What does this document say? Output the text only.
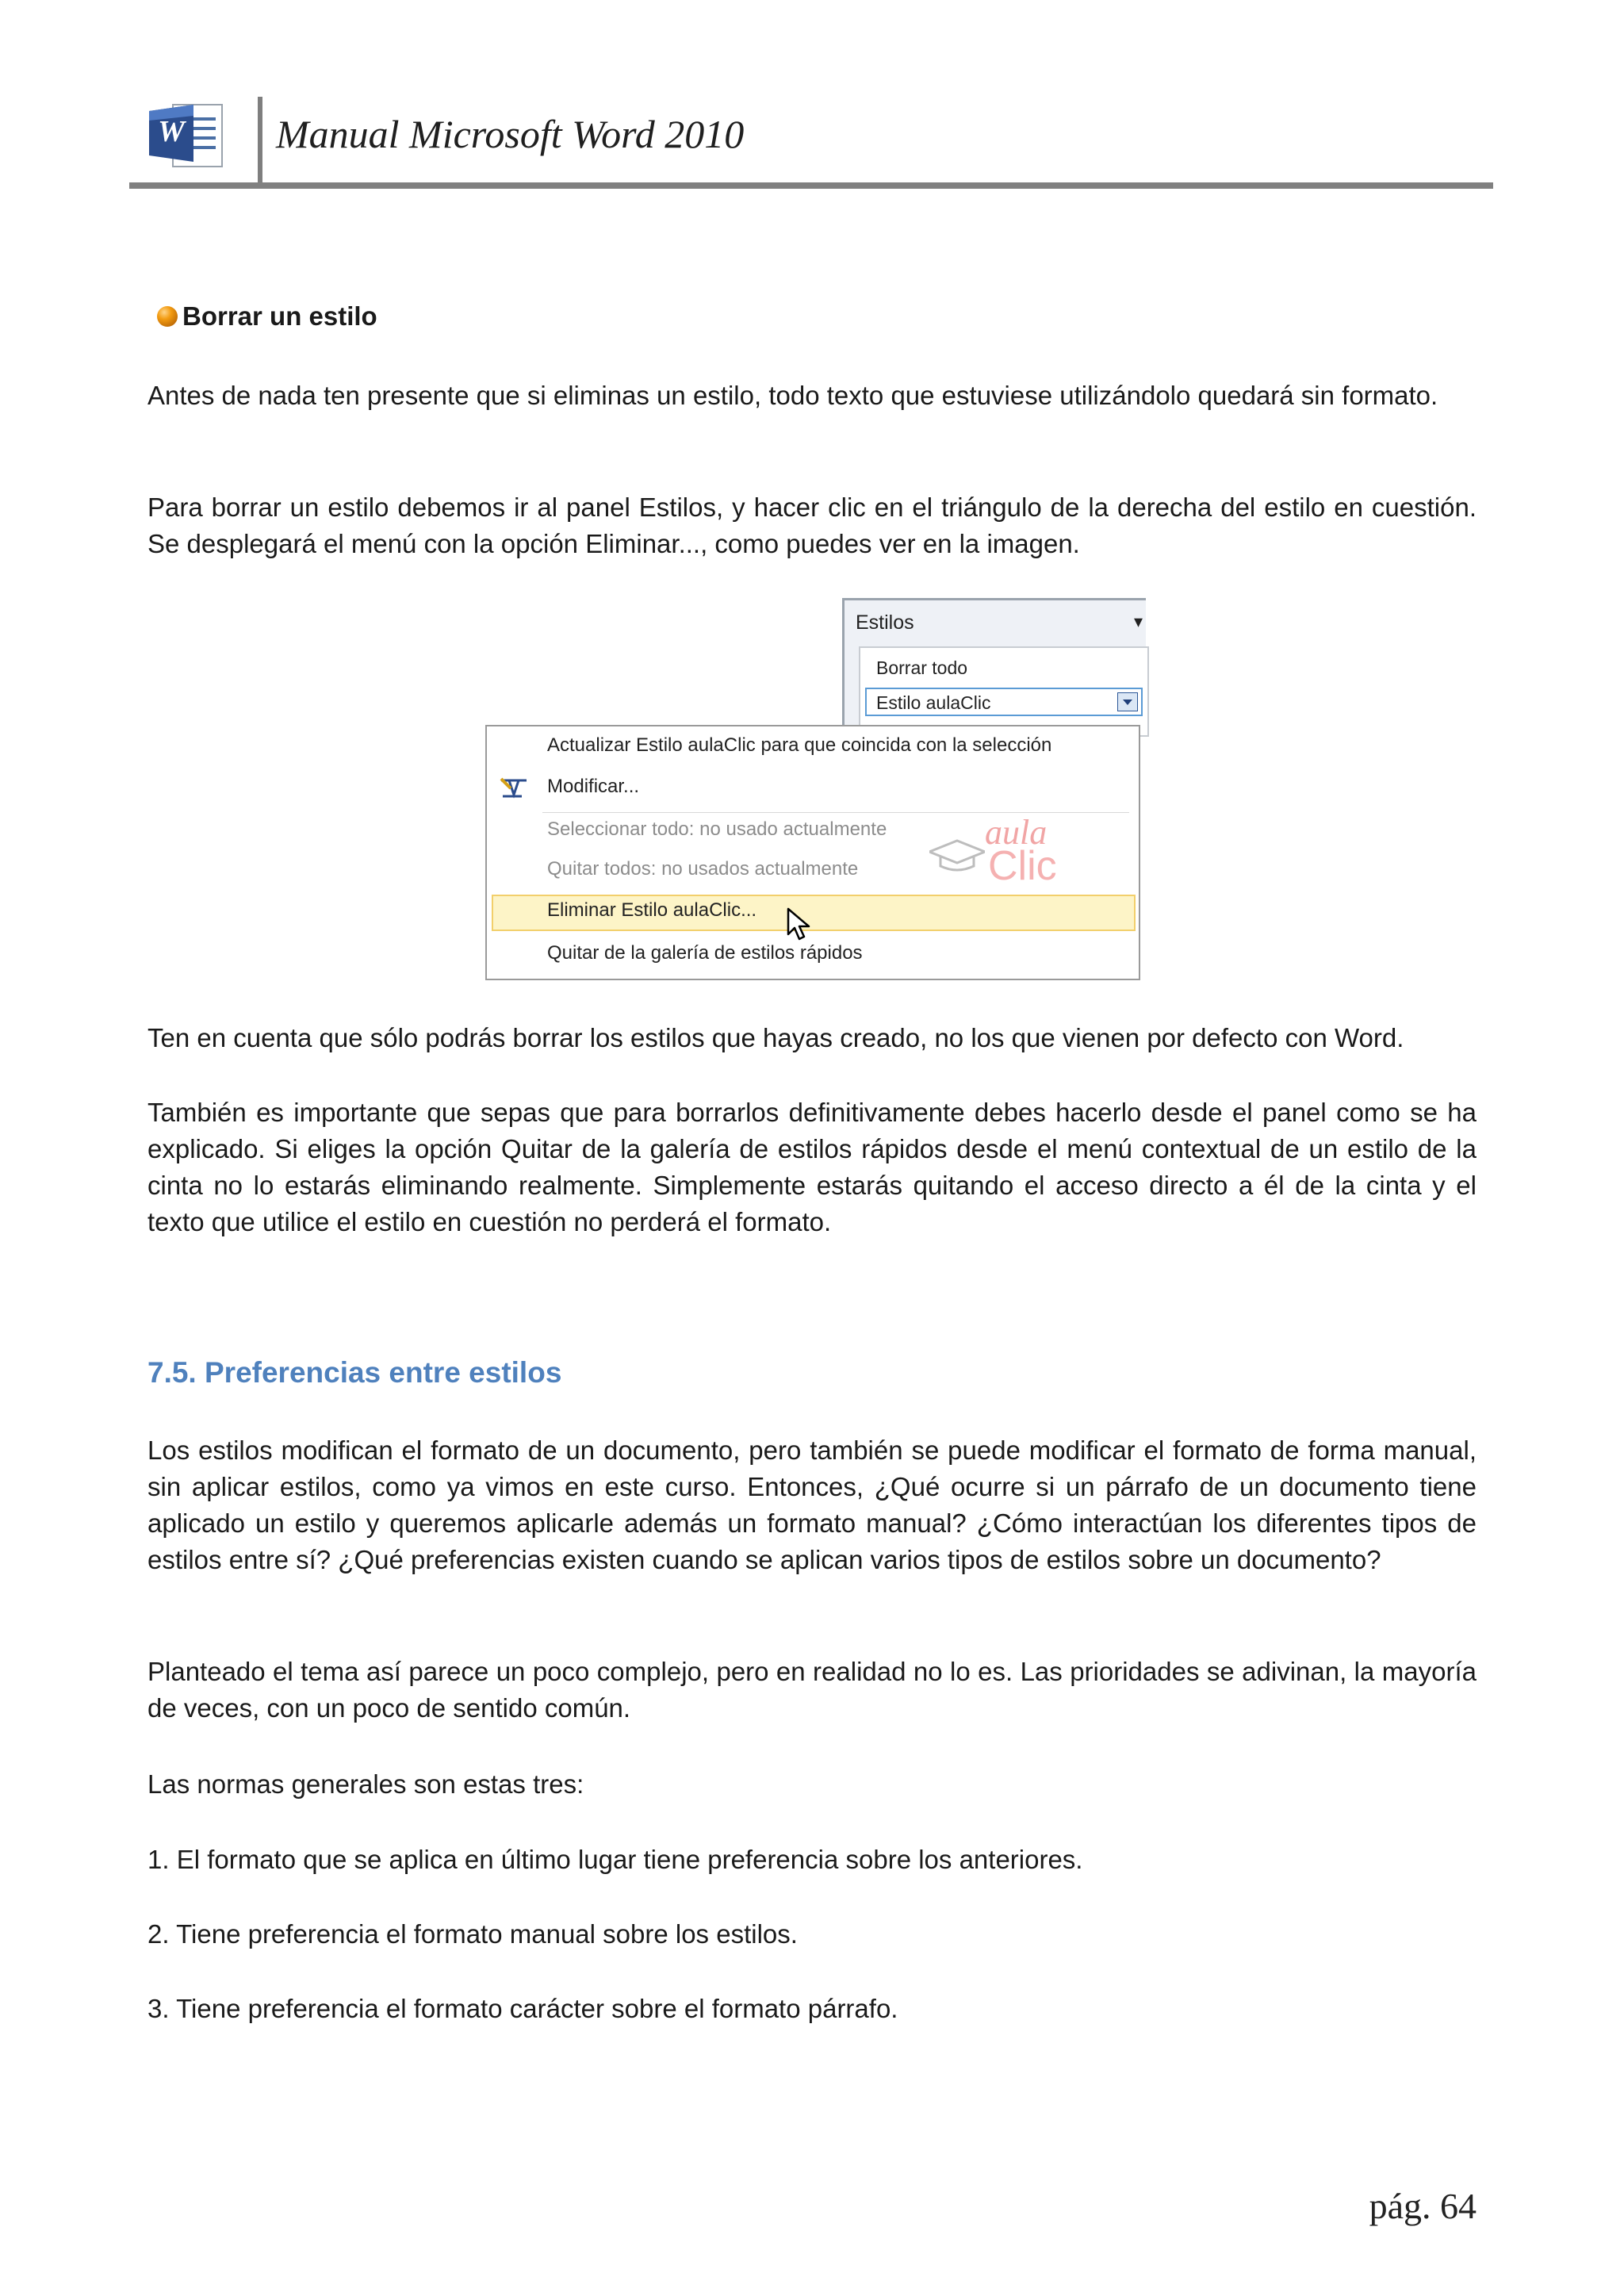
W Manual Microsoft Word 2010
Borrar un estilo
Antes de nada ten presente que si eliminas un estilo, todo texto que estuviese utilizándolo quedará sin formato.
Para borrar un estilo debemos ir al panel Estilos, y hacer clic en el triángulo de la derecha del estilo en cuestión. Se desplegará el menú con la opción Eliminar..., como puedes ver en la imagen.
Estilos	▾
Borrar todo
Estilo aulaClic
Actualizar Estilo aulaClic para que coincida con la selección
Modificar...
Seleccionar todo: no usado actualmente
Quitar todos: no usados actualmente
Eliminar Estilo aulaClic...
Quitar de la galería de estilos rápidos
aula
Clic
Ten en cuenta que sólo podrás borrar los estilos que hayas creado, no los que vienen por defecto con Word.
También es importante que sepas que para borrarlos definitivamente debes hacerlo desde el panel como se ha explicado. Si eliges la opción Quitar de la galería de estilos rápidos desde el menú contextual de un estilo de la cinta no lo estarás eliminando realmente. Simplemente estarás quitando el acceso directo a él de la cinta y el texto que utilice el estilo en cuestión no perderá el formato.
7.5. Preferencias entre estilos
Los estilos modifican el formato de un documento, pero también se puede modificar el formato de forma manual, sin aplicar estilos, como ya vimos en este curso. Entonces, ¿Qué ocurre si un párrafo de un documento tiene aplicado un estilo y queremos aplicarle además un formato manual? ¿Cómo interactúan los diferentes tipos de estilos entre sí? ¿Qué preferencias existen cuando se aplican varios tipos de estilos sobre un documento?
Planteado el tema así parece un poco complejo, pero en realidad no lo es. Las prioridades se adivinan, la mayoría de veces, con un poco de sentido común.
Las normas generales son estas tres:
1. El formato que se aplica en último lugar tiene preferencia sobre los anteriores.
2. Tiene preferencia el formato manual sobre los estilos.
3. Tiene preferencia el formato carácter sobre el formato párrafo.
pág. 64
